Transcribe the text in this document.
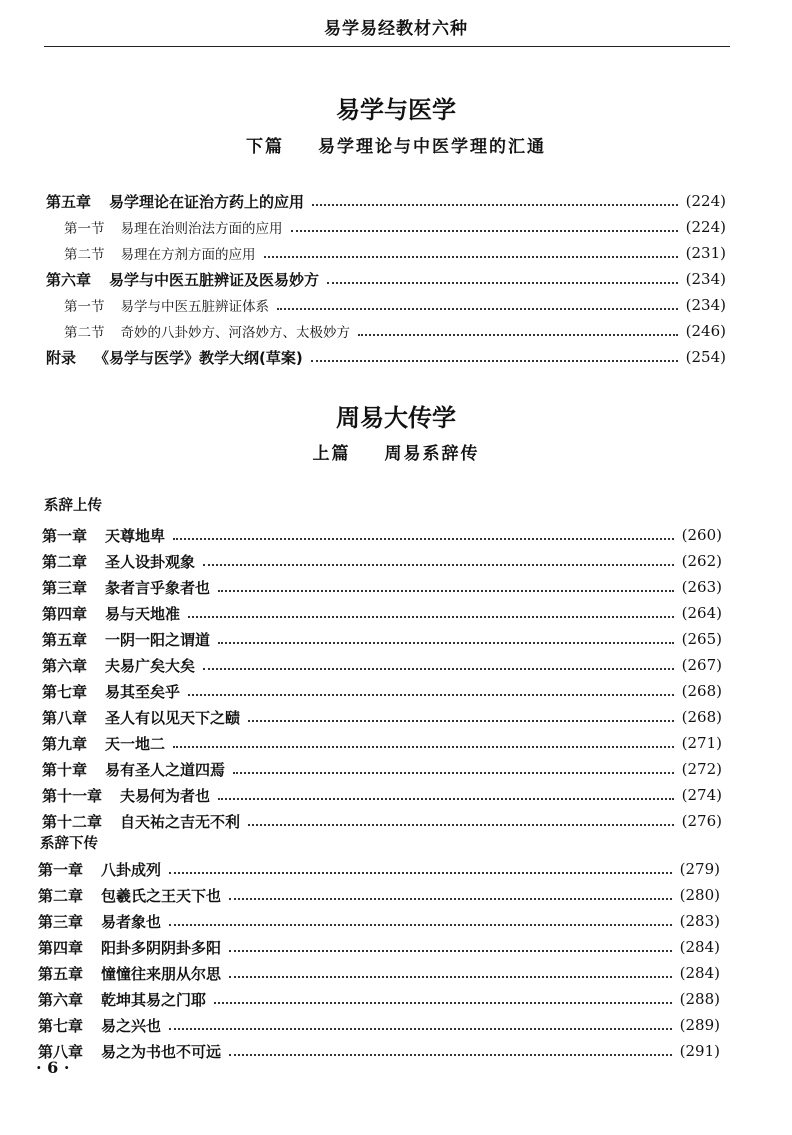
易学易经教材六种
易学与医学
下篇 易学理论与中医学理的汇通
第五章 易学理论在证治方药上的应用	(224)
第一节 易理在治则治法方面的应用	(224)
第二节 易理在方剂方面的应用	(231)
第六章 易学与中医五脏辨证及医易妙方	(234)
第一节 易学与中医五脏辨证体系	(234)
第二节 奇妙的八卦妙方、河洛妙方、太极妙方	(246)
附录 《易学与医学》教学大纲(草案)	(254)
周易大传学
上篇 周易系辞传
系辞上传
第一章 天尊地卑	(260)
第二章 圣人设卦观象	(262)
第三章 彖者言乎象者也	(263)
第四章 易与天地准	(264)
第五章 一阴一阳之谓道	(265)
第六章 夫易广矣大矣	(267)
第七章 易其至矣乎	(268)
第八章 圣人有以见天下之赜	(268)
第九章 天一地二	(271)
第十章 易有圣人之道四焉	(272)
第十一章 夫易何为者也	(274)
第十二章 自天祐之吉无不利	(276)
系辞下传
第一章 八卦成列	(279)
第二章 包羲氏之王天下也	(280)
第三章 易者象也	(283)
第四章 阳卦多阴阴卦多阳	(284)
第五章 憧憧往来朋从尔思	(284)
第六章 乾坤其易之门耶	(288)
第七章 易之兴也	(289)
第八章 易之为书也不可远	(291)
· 6 ·
